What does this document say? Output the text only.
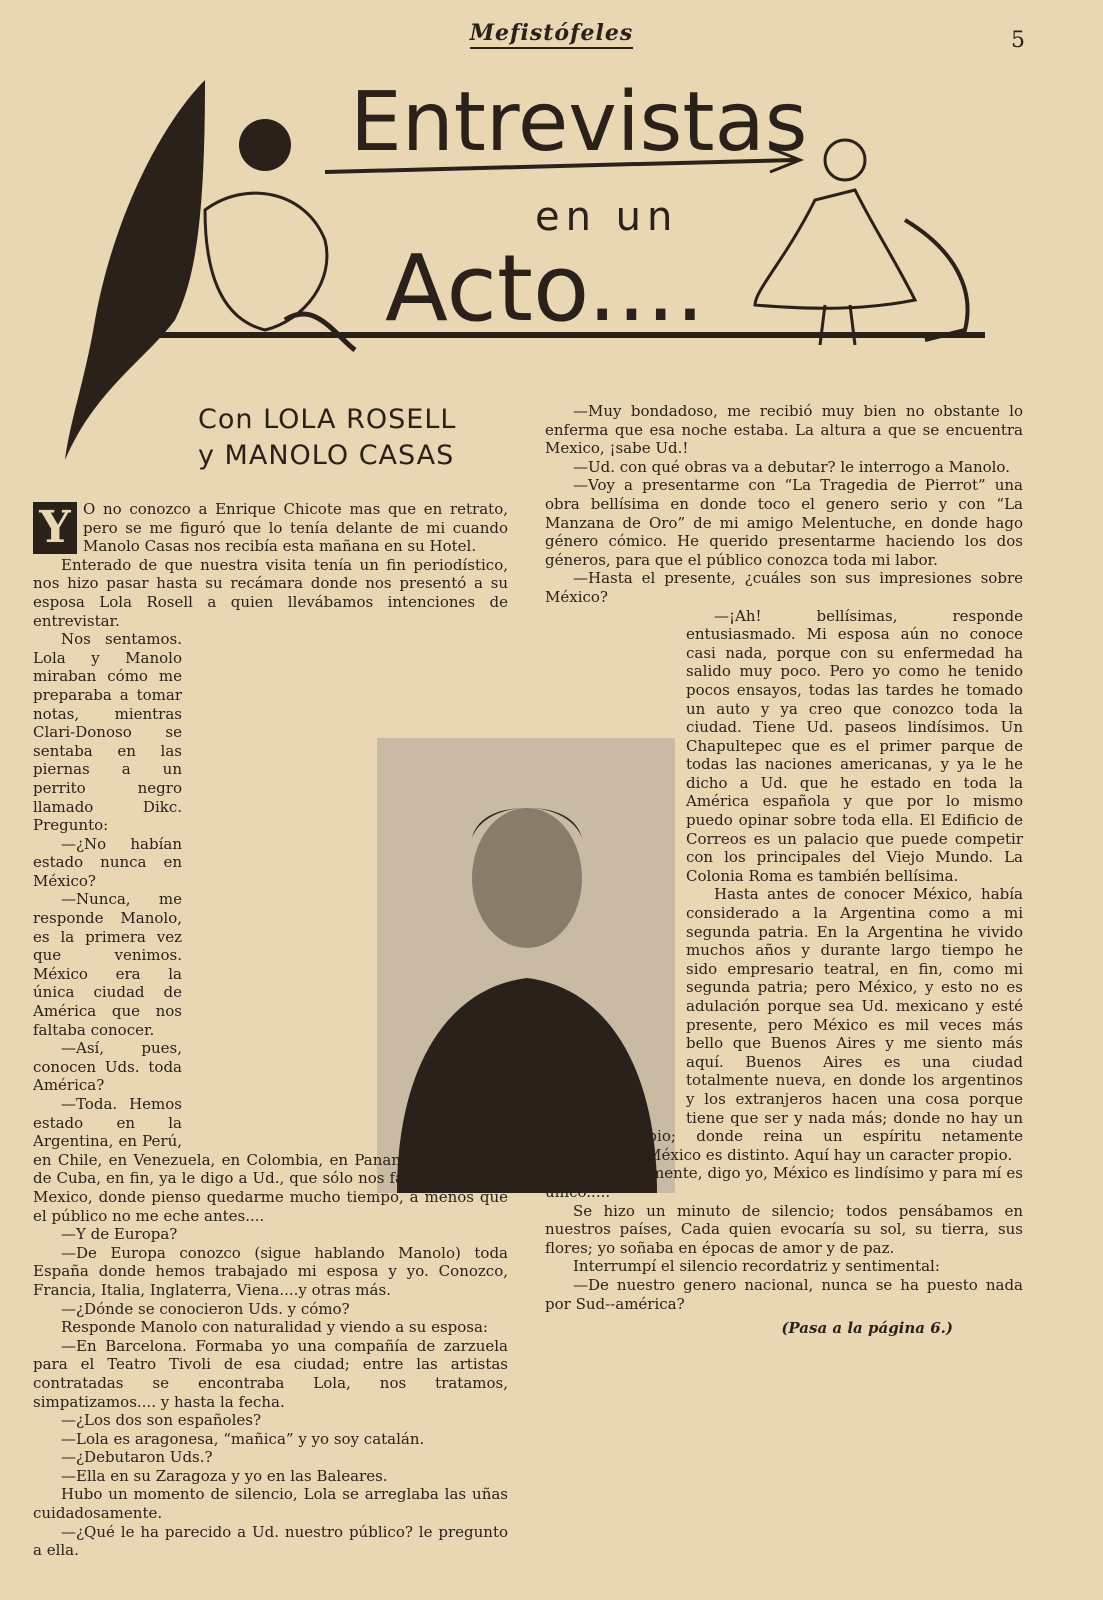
Mefistófeles	5
Entrevistas
en un
Acto....
Con LOLA ROSELL
y MANOLO CASAS
Y O no conozco a Enrique Chicote mas que en retrato, pero se me figuró que lo tenía delante de mi cuando Manolo Casas nos recibía esta mañana en su Hotel.

Enterado de que nuestra visita tenía un fin periodístico, nos hizo pasar hasta su recámara donde nos presentó a su esposa Lola Rosell a quien llevábamos intenciones de entrevistar.

Nos sentamos. Lola y Manolo miraban cómo me preparaba a tomar notas, mientras Clari-Donoso se sentaba en las piernas a un perrito negro llamado Dikc. Pregunto:

—¿No habían estado nunca en México?

—Nunca, me responde Manolo, es la primera vez que venimos. México era la única ciudad de América que nos faltaba conocer.

—Así, pues, conocen Uds. toda América?

—Toda. Hemos estado en la Argentina, en Perú, en Chile, en Venezuela, en Colombia, en Panamá y en la Isla de Cuba, en fin, ya le digo a Ud., que sólo nos faltaba conocer Mexico, donde pienso quedarme mucho tiempo, a menos que el público no me eche antes....

—Y de Europa?

—De Europa conozco (sigue hablando Manolo) toda España donde hemos trabajado mi esposa y yo. Conozco, Francia, Italia, Inglaterra, Viena....y otras más.

—¿Dónde se conocieron Uds. y cómo?

Responde Manolo con naturalidad y viendo a su esposa:

—En Barcelona. Formaba yo una compañía de zarzuela para el Teatro Tivoli de esa ciudad; entre las artistas contratadas se encontraba Lola, nos tratamos, simpatizamos.... y hasta la fecha.

—¿Los dos son españoles?

—Lola es aragonesa, “mañica” y yo soy catalán.

—¿Debutaron Uds.?

—Ella en su Zaragoza y yo en las Baleares.

Hubo un momento de silencio, Lola se arreglaba las uñas cuidadosamente.

—¿Qué le ha parecido a Ud. nuestro público? le pregunto a ella.

—Muy bondadoso, me recibió muy bien no obstante lo enferma que esa noche estaba. La altura a que se encuentra Mexico, ¡sabe Ud.!

—Ud. con qué obras va a debutar? le interrogo a Manolo.

—Voy a presentarme con “La Tragedia de Pierrot” una obra bellísima en donde toco el genero serio y con “La Manzana de Oro” de mi amigo Melentuche, en donde hago género cómico. He querido presentarme haciendo los dos géneros, para que el público conozca toda mi labor.

—Hasta el presente, ¿cuáles son sus impresiones sobre México?

—¡Ah! bellísimas, responde entusiasmado. Mi esposa aún no conoce casi nada, porque con su enfermedad ha salido muy poco. Pero yo como he tenido pocos ensayos, todas las tardes he tomado un auto y ya creo que conozco toda la ciudad. Tiene Ud. paseos lindísimos. Un Chapultepec que es el primer parque de todas las naciones americanas, y ya le he dicho a Ud. que he estado en toda la América española y que por lo mismo puedo opinar sobre toda ella. El Edificio de Correos es un palacio que puede competir con los principales del Viejo Mundo. La Colonia Roma es también bellísima.

Hasta antes de conocer México, había considerado a la Argentina como a mi segunda patria. En la Argentina he vivido muchos años y durante largo tiempo he sido empresario teatral, en fin, como mi segunda patria; pero México, y esto no es adulación porque sea Ud. mexicano y esté presente, pero México es mil veces más bello que Buenos Aires y me siento más aquí. Buenos Aires es una ciudad totalmente nueva, en donde los argentinos y los extranjeros hacen una cosa porque tiene que ser y nada más; donde no hay un criterio propio; donde reina un espíritu netamente cosmopolita. México es distinto. Aquí hay un caracter propio.

—Efectivamente, digo yo, México es lindísimo y para mí es único.....

Se hizo un minuto de silencio; todos pensábamos en nuestros países, Cada quien evocaría su sol, su tierra, sus flores; yo soñaba en épocas de amor y de paz.

Interrumpí el silencio recordatriz y sentimental:

—De nuestro genero nacional, nunca se ha puesto nada por Sud--américa?

(Pasa a la página 6.)
